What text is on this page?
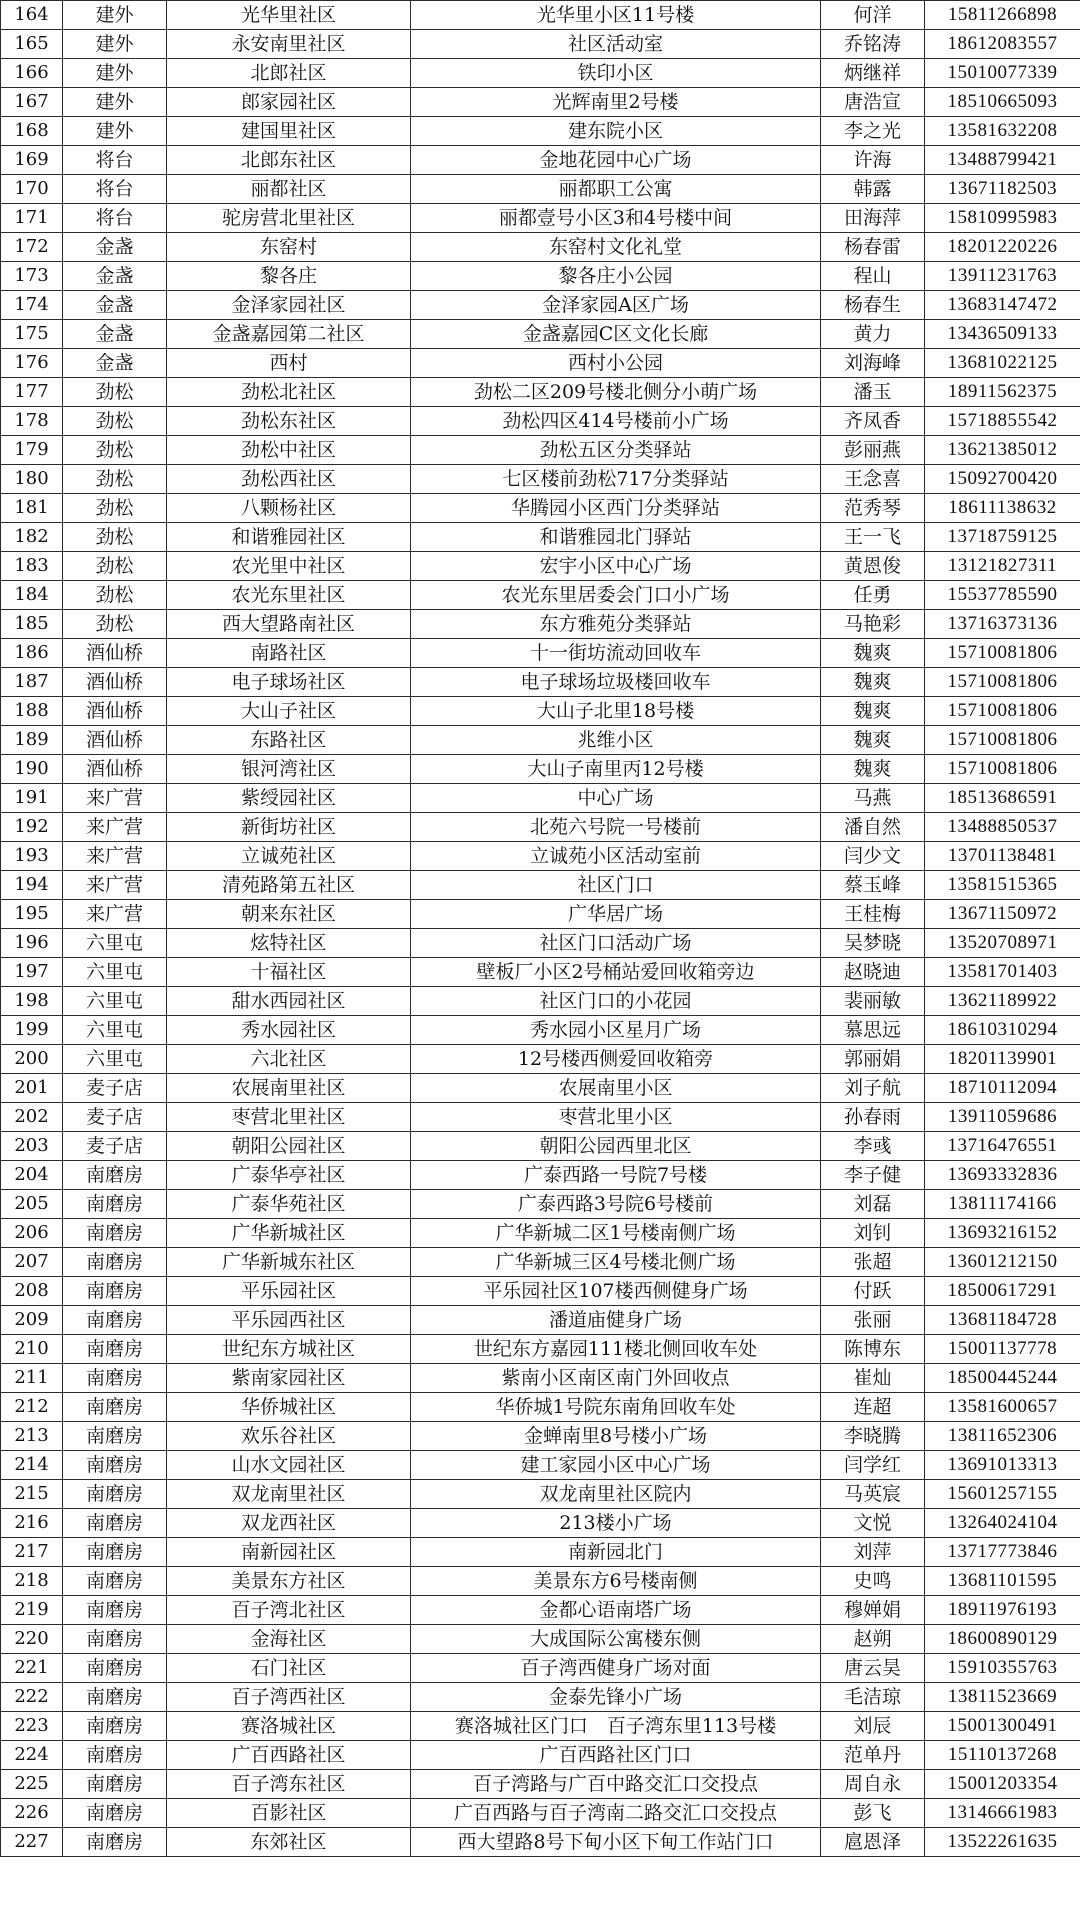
164	建外	光华里社区	光华里小区11号楼	何洋	15811266898
165	建外	永安南里社区	社区活动室	乔铭涛	18612083557
166	建外	北郎社区	铁印小区	炳继祥	15010077339
167	建外	郎家园社区	光辉南里2号楼	唐浩宣	18510665093
168	建外	建国里社区	建东院小区	李之光	13581632208
169	将台	北郎东社区	金地花园中心广场	许海	13488799421
170	将台	丽都社区	丽都职工公寓	韩露	13671182503
171	将台	驼房营北里社区	丽都壹号小区3和4号楼中间	田海萍	15810995983
172	金盏	东窑村	东窑村文化礼堂	杨春雷	18201220226
173	金盏	黎各庄	黎各庄小公园	程山	13911231763
174	金盏	金泽家园社区	金泽家园A区广场	杨春生	13683147472
175	金盏	金盏嘉园第二社区	金盏嘉园C区文化长廊	黄力	13436509133
176	金盏	西村	西村小公园	刘海峰	13681022125
177	劲松	劲松北社区	劲松二区209号楼北侧分小萌广场	潘玉	18911562375
178	劲松	劲松东社区	劲松四区414号楼前小广场	齐凤香	15718855542
179	劲松	劲松中社区	劲松五区分类驿站	彭丽燕	13621385012
180	劲松	劲松西社区	七区楼前劲松717分类驿站	王念喜	15092700420
181	劲松	八颗杨社区	华腾园小区西门分类驿站	范秀琴	18611138632
182	劲松	和谐雅园社区	和谐雅园北门驿站	王一飞	13718759125
183	劲松	农光里中社区	宏宇小区中心广场	黄恩俊	13121827311
184	劲松	农光东里社区	农光东里居委会门口小广场	任勇	15537785590
185	劲松	西大望路南社区	东方雅苑分类驿站	马艳彩	13716373136
186	酒仙桥	南路社区	十一街坊流动回收车	魏爽	15710081806
187	酒仙桥	电子球场社区	电子球场垃圾楼回收车	魏爽	15710081806
188	酒仙桥	大山子社区	大山子北里18号楼	魏爽	15710081806
189	酒仙桥	东路社区	兆维小区	魏爽	15710081806
190	酒仙桥	银河湾社区	大山子南里丙12号楼	魏爽	15710081806
191	来广营	紫绶园社区	中心广场	马燕	18513686591
192	来广营	新街坊社区	北苑六号院一号楼前	潘自然	13488850537
193	来广营	立诚苑社区	立诚苑小区活动室前	闫少文	13701138481
194	来广营	清苑路第五社区	社区门口	蔡玉峰	13581515365
195	来广营	朝来东社区	广华居广场	王桂梅	13671150972
196	六里屯	炫特社区	社区门口活动广场	吴梦晓	13520708971
197	六里屯	十福社区	壁板厂小区2号桶站爱回收箱旁边	赵晓迪	13581701403
198	六里屯	甜水西园社区	社区门口的小花园	裴丽敏	13621189922
199	六里屯	秀水园社区	秀水园小区星月广场	慕思远	18610310294
200	六里屯	六北社区	12号楼西侧爱回收箱旁	郭丽娟	18201139901
201	麦子店	农展南里社区	农展南里小区	刘子航	18710112094
202	麦子店	枣营北里社区	枣营北里小区	孙春雨	13911059686
203	麦子店	朝阳公园社区	朝阳公园西里北区	李彧	13716476551
204	南磨房	广泰华亭社区	广泰西路一号院7号楼	李子健	13693332836
205	南磨房	广泰华苑社区	广泰西路3号院6号楼前	刘磊	13811174166
206	南磨房	广华新城社区	广华新城二区1号楼南侧广场	刘钊	13693216152
207	南磨房	广华新城东社区	广华新城三区4号楼北侧广场	张超	13601212150
208	南磨房	平乐园社区	平乐园社区107楼西侧健身广场	付跃	18500617291
209	南磨房	平乐园西社区	潘道庙健身广场	张丽	13681184728
210	南磨房	世纪东方城社区	世纪东方嘉园111楼北侧回收车处	陈博东	15001137778
211	南磨房	紫南家园社区	紫南小区南区南门外回收点	崔灿	18500445244
212	南磨房	华侨城社区	华侨城1号院东南角回收车处	连超	13581600657
213	南磨房	欢乐谷社区	金蝉南里8号楼小广场	李晓腾	13811652306
214	南磨房	山水文园社区	建工家园小区中心广场	闫学红	13691013313
215	南磨房	双龙南里社区	双龙南里社区院内	马英宸	15601257155
216	南磨房	双龙西社区	213楼小广场	文悦	13264024104
217	南磨房	南新园社区	南新园北门	刘萍	13717773846
218	南磨房	美景东方社区	美景东方6号楼南侧	史鸣	13681101595
219	南磨房	百子湾北社区	金都心语南塔广场	穆婵娟	18911976193
220	南磨房	金海社区	大成国际公寓楼东侧	赵朔	18600890129
221	南磨房	石门社区	百子湾西健身广场对面	唐云昊	15910355763
222	南磨房	百子湾西社区	金泰先锋小广场	毛洁琼	13811523669
223	南磨房	赛洛城社区	赛洛城社区门口　百子湾东里113号楼	刘辰	15001300491
224	南磨房	广百西路社区	广百西路社区门口	范单丹	15110137268
225	南磨房	百子湾东社区	百子湾路与广百中路交汇口交投点	周自永	15001203354
226	南磨房	百影社区	广百西路与百子湾南二路交汇口交投点	彭飞	13146661983
227	南磨房	东郊社区	西大望路8号下甸小区下甸工作站门口	扈恩泽	13522261635
